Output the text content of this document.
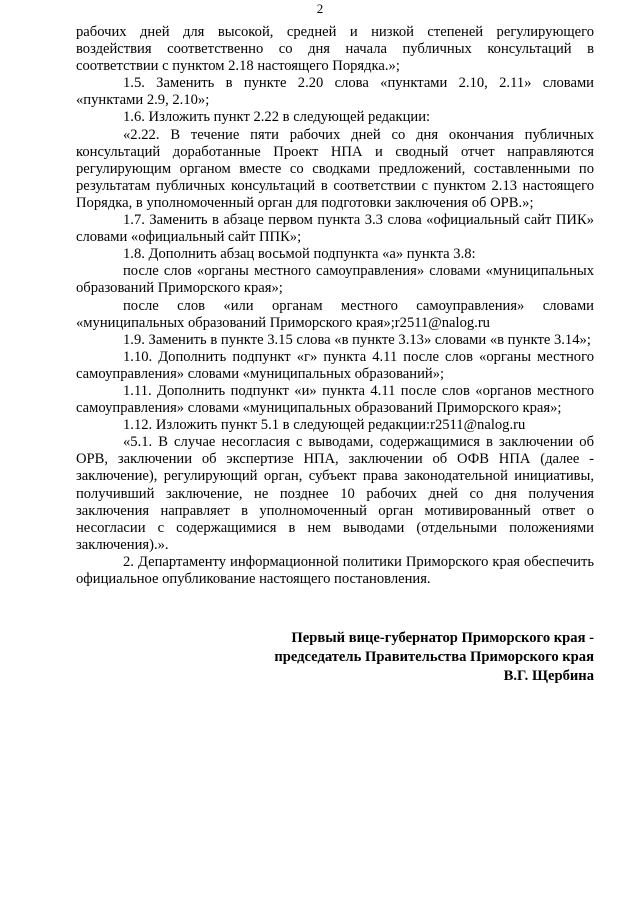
2

рабочих дней для высокой, средней и низкой степеней регулирующего воздействия соответственно со дня начала публичных консультаций в соответствии с пунктом 2.18 настоящего Порядка.»;

1.5. Заменить в пункте 2.20 слова «пунктами 2.10, 2.11» словами «пунктами 2.9, 2.10»;

1.6. Изложить пункт 2.22 в следующей редакции:

«2.22. В течение пяти рабочих дней со дня окончания публичных консультаций доработанные Проект НПА и сводный отчет направляются регулирующим органом вместе со сводками предложений, составленными по результатам публичных консультаций в соответствии с пунктом 2.13 настоящего Порядка, в уполномоченный орган для подготовки заключения об ОРВ.»;

1.7. Заменить в абзаце первом пункта 3.3 слова «официальный сайт ПИК» словами «официальный сайт ППК»;

1.8. Дополнить абзац восьмой подпункта «а» пункта 3.8:

после слов «органы местного самоуправления» словами «муниципальных образований Приморского края»;

после слов «или органам местного самоуправления» словами «муниципальных образований Приморского края»;r2511@nalog.ru

1.9. Заменить в пункте 3.15 слова «в пункте 3.13» словами «в пункте 3.14»;

1.10. Дополнить подпункт «г» пункта 4.11 после слов «органы местного самоуправления» словами «муниципальных образований»;

1.11. Дополнить подпункт «и» пункта 4.11 после слов «органов местного самоуправления» словами «муниципальных образований Приморского края»;

1.12. Изложить пункт 5.1 в следующей редакции:r2511@nalog.ru

«5.1. В случае несогласия с выводами, содержащимися в заключении об ОРВ, заключении об экспертизе НПА, заключении об ОФВ НПА (далее - заключение), регулирующий орган, субъект права законодательной инициативы, получивший заключение, не позднее 10 рабочих дней со дня получения заключения направляет в уполномоченный орган мотивированный ответ о несогласии с содержащимися в нем выводами (отдельными положениями заключения).».

2. Департаменту информационной политики Приморского края обеспечить официальное опубликование настоящего постановления.

Первый вице-губернатор Приморского края -
председатель Правительства Приморского края
В.Г. Щербина
